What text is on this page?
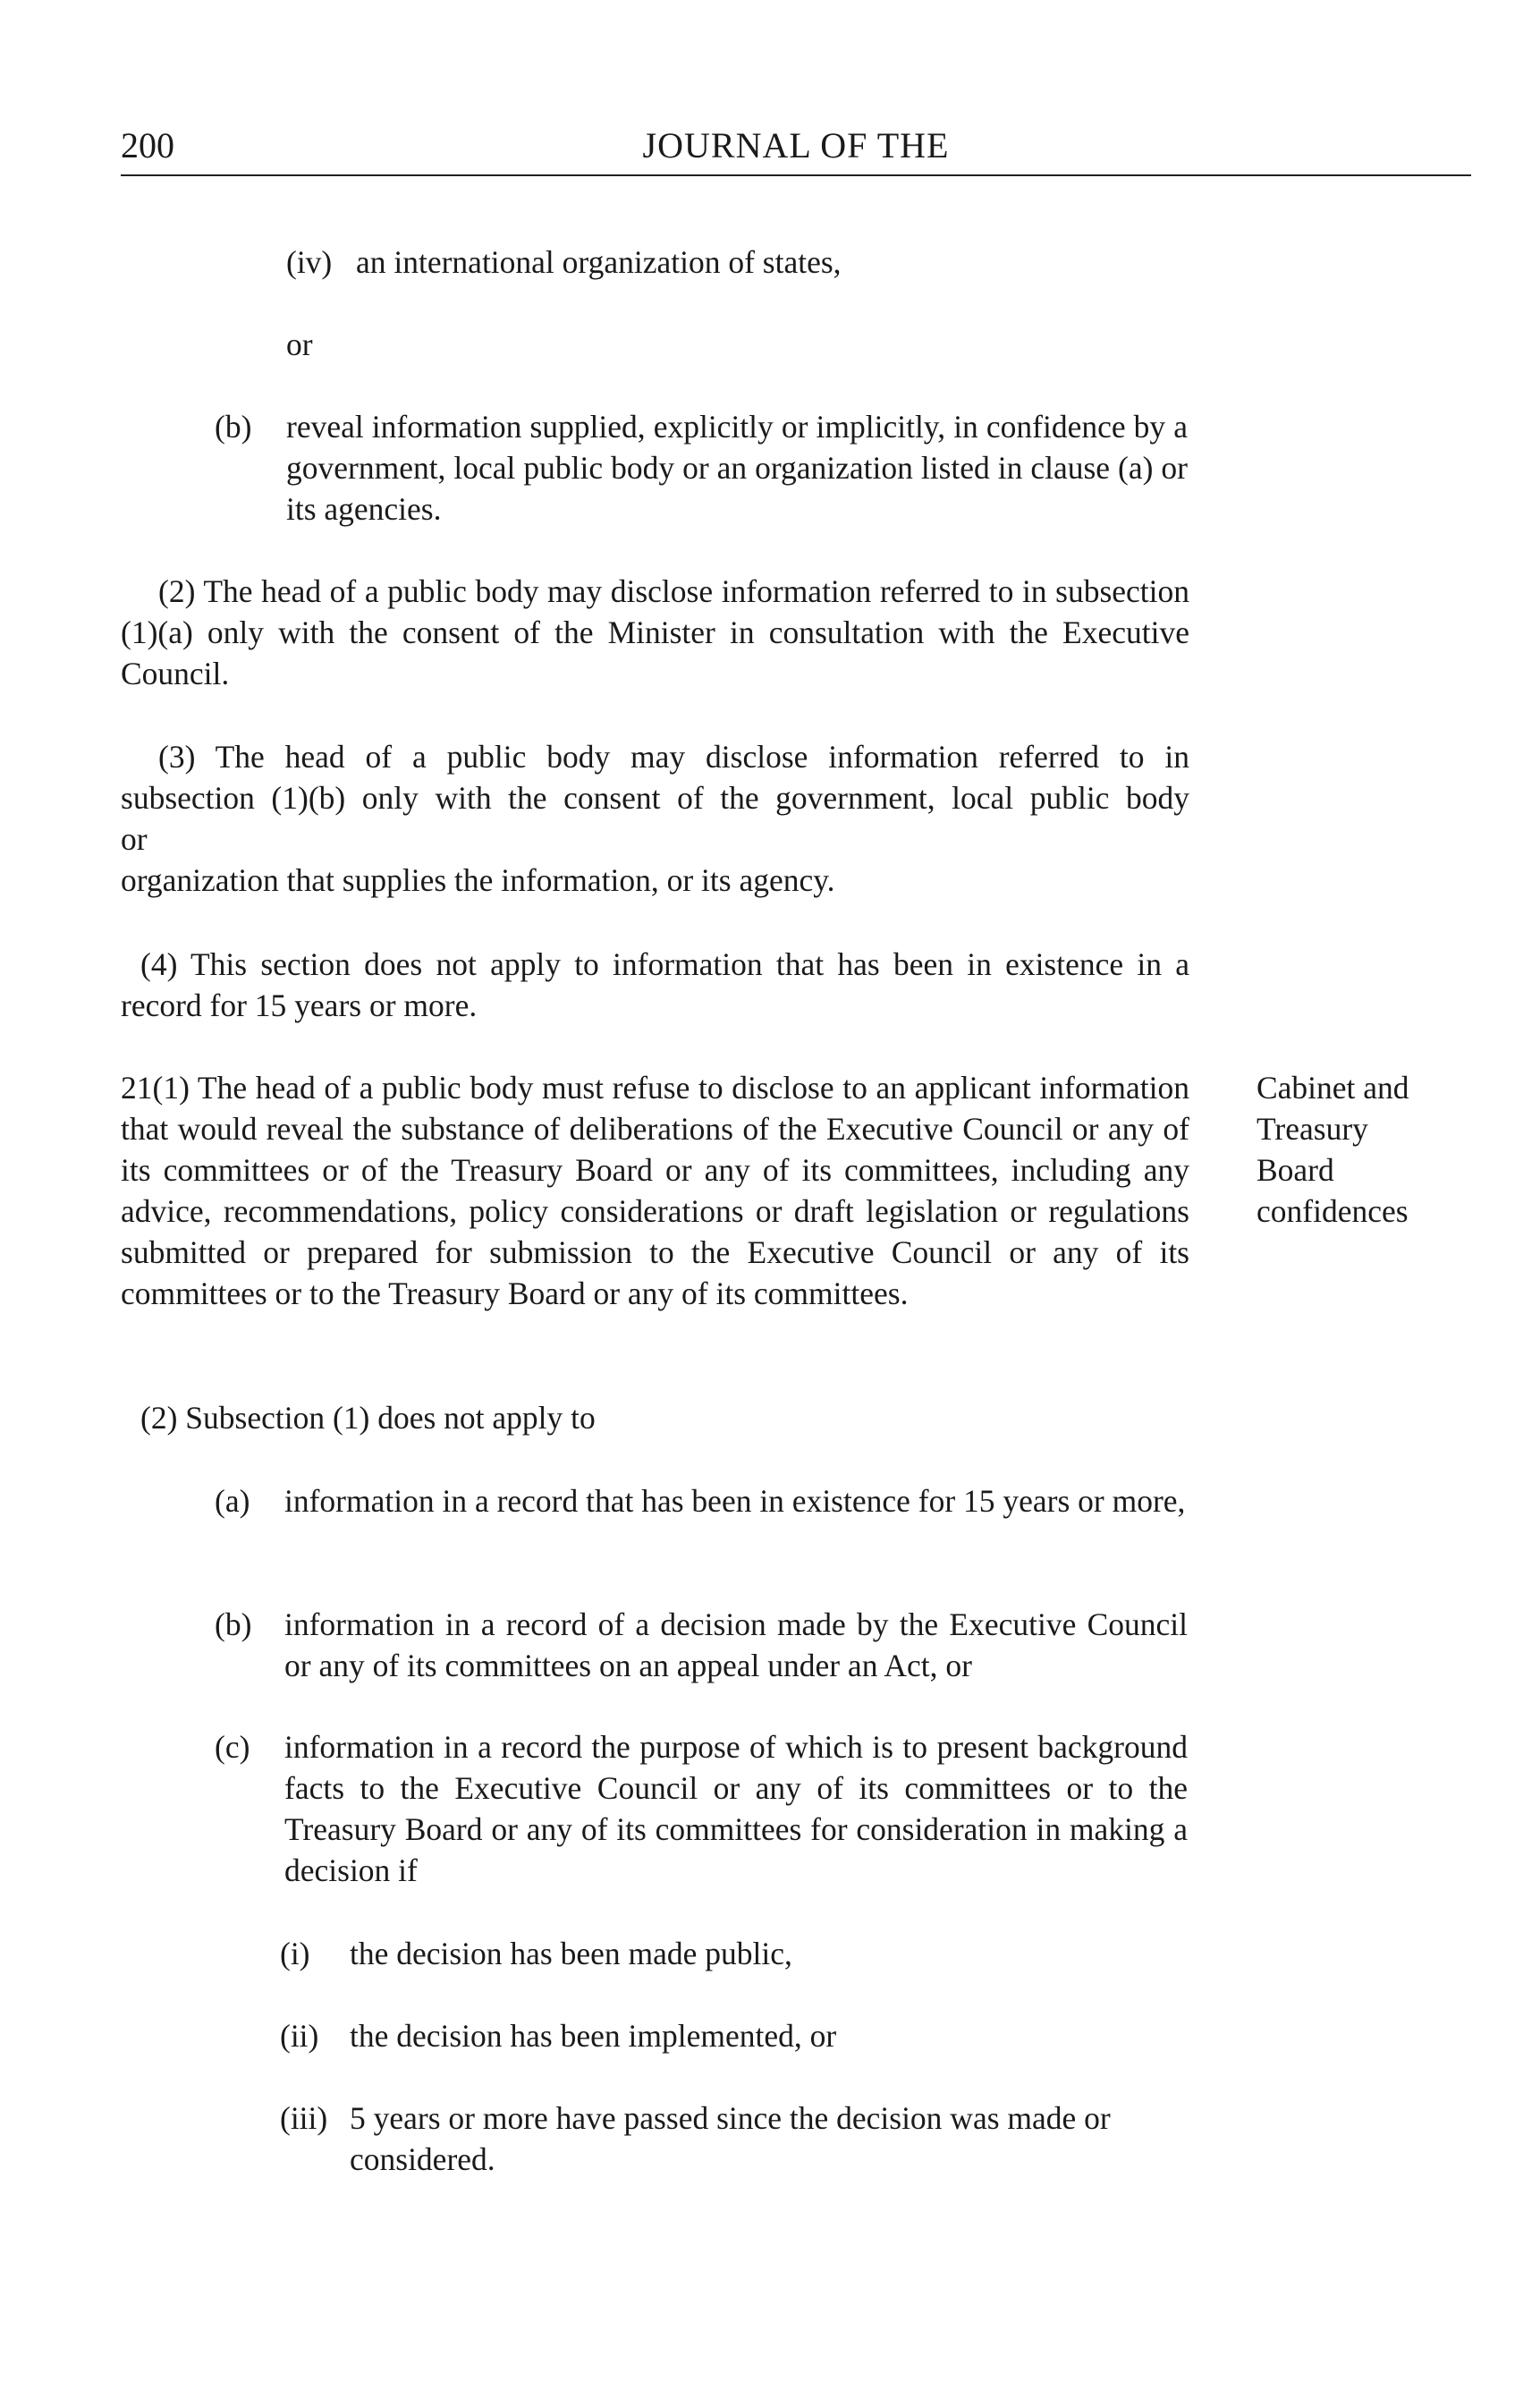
200	JOURNAL OF THE
(iv) an international organization of states,

or

(b) reveal information supplied, explicitly or implicitly, in confidence by a government, local public body or an organization listed in clause (a) or its agencies.

(2) The head of a public body may disclose information referred to in subsection (1)(a) only with the consent of the Minister in consultation with the Executive Council.

(3) The head of a public body may disclose information referred to in
subsection (1)(b) only with the consent of the government, local public body
or
organization that supplies the information, or its agency.

(4) This section does not apply to information that has been in existence in a record for 15 years or more.

21(1) The head of a public body must refuse to disclose to an applicant information that would reveal the substance of deliberations of the Executive Council or any of its committees or of the Treasury Board or any of its committees, including any advice, recommendations, policy considerations or draft legislation or regulations submitted or prepared for submission to the Executive Council or any of its committees or to the Treasury Board or any of its committees.

Cabinet and
Treasury
Board
confidences

(2) Subsection (1) does not apply to

(a) information in a record that has been in existence for 15 years or more,

(b) information in a record of a decision made by the Executive Council or any of its committees on an appeal under an Act, or

(c) information in a record the purpose of which is to present background facts to the Executive Council or any of its committees or to the Treasury Board or any of its committees for consideration in making a decision if

(i) the decision has been made public,

(ii) the decision has been implemented, or

(iii) 5 years or more have passed since the decision was made or considered.
